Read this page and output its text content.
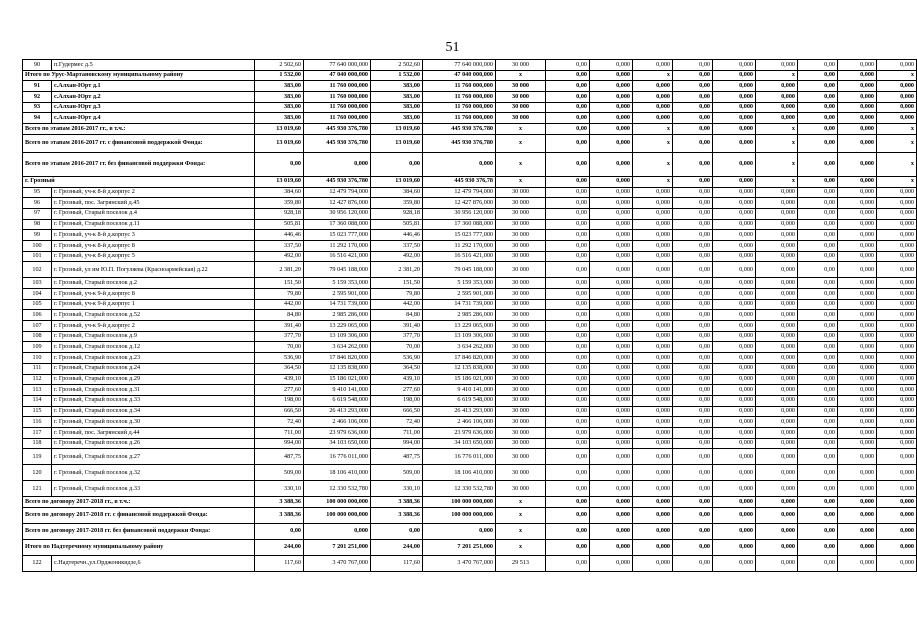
51
90	п.Гудермес д.5	2 502,60	77 640 000,000	2 502,60	77 640 000,000	30 000	0,00	0,000	0,000	0,00	0,000	0,000	0,00	0,000	0,000
Итого по Урус-Мартановскому муниципальному району		1 532,00	47 040 000,000	1 532,00	47 040 000,000	х	0,00	0,000	х	0,00	0,000	х	0,00	0,000	х
91	с.Алхан-Юрт д.1	383,00	11 760 000,000	383,00	11 760 000,000	30 000	0,00	0,000	0,000	0,00	0,000	0,000	0,00	0,000	0,000
92	с.Алхан-Юрт д.2	383,00	11 760 000,000	383,00	11 760 000,000	30 000	0,00	0,000	0,000	0,00	0,000	0,000	0,00	0,000	0,000
93	с.Алхан-Юрт д.3	383,00	11 760 000,000	383,00	11 760 000,000	30 000	0,00	0,000	0,000	0,00	0,000	0,000	0,00	0,000	0,000
94	с.Алхан-Юрт д.4	383,00	11 760 000,000	383,00	11 760 000,000	30 000	0,00	0,000	0,000	0,00	0,000	0,000	0,00	0,000	0,000
Всего по этапам 2016-2017 гг., в т.ч.:		13 019,60	445 930 376,780	13 019,60	445 930 376,780	х	0,00	0,000	х	0,00	0,000	х	0,00	0,000	х
Всего по этапам 2016-2017 гг. с финансовой поддержкой Фонда:		13 019,60	445 930 376,780	13 019,60	445 930 376,780	х	0,00	0,000	х	0,00	0,000	х	0,00	0,000	х
Всего по этапам 2016-2017 гг. без финансовой поддержки Фонда:		0,00	0,000	0,00	0,000	х	0,00	0,000	х	0,00	0,000	х	0,00	0,000	х
г. Грозный		13 019,60	445 930 376,780	13 019,60	445 930 376,78	х	0,00	0,000	х	0,00	0,000	х	0,00	0,000	х
95	г. Грозный, уч-к 8-й д.корпус 2	384,60	12 479 794,000	384,60	12 479 794,000	30 000	0,00	0,000	0,000	0,00	0,000	0,000	0,00	0,000	0,000
96	г. Грозный, пос. Загрянский д.45	359,80	12 427 876,000	359,80	12 427 876,000	30 000	0,00	0,000	0,000	0,00	0,000	0,000	0,00	0,000	0,000
97	г. Грозный, Старый поселок д.4	928,18	30 956 120,000	928,18	30 956 120,000	30 000	0,00	0,000	0,000	0,00	0,000	0,000	0,00	0,000	0,000
98	г. Грозный, Старый поселок д.11	505,81	17 360 088,000	505,81	17 360 088,000	30 000	0,00	0,000	0,000	0,00	0,000	0,000	0,00	0,000	0,000
99	г. Грозный, уч-к 8-й д.корпус 3	446,46	15 023 777,000	446,46	15 023 777,000	30 000	0,00	0,000	0,000	0,00	0,000	0,000	0,00	0,000	0,000
100	г. Грозный, уч-к 8-й д.корпус 8	337,50	11 292 170,000	337,50	11 292 170,000	30 000	0,00	0,000	0,000	0,00	0,000	0,000	0,00	0,000	0,000
101	г. Грозный, уч-к 8-й д.корпус 5	492,00	16 516 421,000	492,00	16 516 421,000	30 000	0,00	0,000	0,000	0,00	0,000	0,000	0,00	0,000	0,000
102	г. Грозный, ул им Ю.П. Погуляева (Красноармейская) д.22	2 381,20	79 045 188,000	2 381,20	79 045 188,000	30 000	0,00	0,000	0,000	0,00	0,000	0,000	0,00	0,000	0,000
103	г. Грозный, Старый поселок д.2	151,50	5 159 353,000	151,50	5 159 353,000	30 000	0,00	0,000	0,000	0,00	0,000	0,000	0,00	0,000	0,000
104	г. Грозный, уч-к 9-й д.корпус 8	79,80	2 595 901,000	79,80	2 595 901,000	30 000	0,00	0,000	0,000	0,00	0,000	0,000	0,00	0,000	0,000
105	г. Грозный, уч-к 9-й д.корпус 1	442,00	14 731 739,000	442,00	14 731 739,000	30 000	0,00	0,000	0,000	0,00	0,000	0,000	0,00	0,000	0,000
106	г. Грозный, Старый поселок д.52	84,80	2 985 286,000	84,80	2 985 286,000	30 000	0,00	0,000	0,000	0,00	0,000	0,000	0,00	0,000	0,000
107	г. Грозный, уч-к 9-й д.корпус 2	391,40	13 229 065,000	391,40	13 229 065,000	30 000	0,00	0,000	0,000	0,00	0,000	0,000	0,00	0,000	0,000
108	г. Грозный, Старый поселок д.9	377,70	13 109 306,000	377,70	13 109 306,000	30 000	0,00	0,000	0,000	0,00	0,000	0,000	0,00	0,000	0,000
109	г. Грозный, Старый поселок д.12	70,00	3 634 262,000	70,00	3 634 262,000	30 000	0,00	0,000	0,000	0,00	0,000	0,000	0,00	0,000	0,000
110	г. Грозный, Старый поселок д.23	536,90	17 846 820,000	536,90	17 846 820,000	30 000	0,00	0,000	0,000	0,00	0,000	0,000	0,00	0,000	0,000
111	г. Грозный, Старый поселок д.24	364,50	12 135 838,000	364,50	12 135 838,000	30 000	0,00	0,000	0,000	0,00	0,000	0,000	0,00	0,000	0,000
112	г. Грозный, Старый поселок д.29	439,10	15 186 021,000	439,10	15 186 021,000	30 000	0,00	0,000	0,000	0,00	0,000	0,000	0,00	0,000	0,000
113	г. Грозный, Старый поселок д.31	277,60	9 410 141,000	277,60	9 410 141,000	30 000	0,00	0,000	0,000	0,00	0,000	0,000	0,00	0,000	0,000
114	г. Грозный, Старый поселок д.33	198,00	6 619 548,000	198,00	6 619 548,000	30 000	0,00	0,000	0,000	0,00	0,000	0,000	0,00	0,000	0,000
115	г. Грозный, Старый поселок д.34	666,50	26 413 293,000	666,50	26 413 293,000	30 000	0,00	0,000	0,000	0,00	0,000	0,000	0,00	0,000	0,000
116	г. Грозный, Старый поселок д.30	72,40	2 466 106,000	72,40	2 466 106,000	30 000	0,00	0,000	0,000	0,00	0,000	0,000	0,00	0,000	0,000
117	г. Грозный, пос. Загрянский д.44	711,00	23 979 636,000	711,00	23 979 636,000	30 000	0,00	0,000	0,000	0,00	0,000	0,000	0,00	0,000	0,000
118	г. Грозный, Старый поселок д.26	994,00	34 103 650,000	994,00	34 103 650,000	30 000	0,00	0,000	0,000	0,00	0,000	0,000	0,00	0,000	0,000
119	г. Грозный, Старый поселок д.27	487,75	16 776 011,000	487,75	16 776 011,000	30 000	0,00	0,000	0,000	0,00	0,000	0,000	0,00	0,000	0,000
120	г. Грозный, Старый поселок д.32	509,00	18 106 410,000	509,00	18 106 410,000	30 000	0,00	0,000	0,000	0,00	0,000	0,000	0,00	0,000	0,000
121	г. Грозный, Старый поселок д.33	330,10	12 330 532,780	330,10	12 330 532,780	30 000	0,00	0,000	0,000	0,00	0,000	0,000	0,00	0,000	0,000
Всего по договору 2017-2018 гг., в т.ч.:		3 388,36	100 000 000,000	3 388,36	100 000 000,000	х	0,00	0,000	0,000	0,00	0,000	0,000	0,00	0,000	0,000
Всего по договору 2017-2018 гг. с финансовой поддержкой Фонда:		3 388,36	100 000 000,000	3 388,36	100 000 000,000	х	0,00	0,000	0,000	0,00	0,000	0,000	0,00	0,000	0,000
Всего по договору 2017-2018 гг. без финансовой поддержки Фонда:		0,00	0,000	0,00	0,000	х	0,00	0,000	0,000	0,00	0,000	0,000	0,00	0,000	0,000
Итого по Надтеречному муниципальному району		244,00	7 201 251,000	244,00	7 201 251,000	х	0,00	0,000	0,000	0,00	0,000	0,000	0,00	0,000	0,000
122	с.Надтеречн.,ул.Орджоникидзе,6	117,60	3 470 767,000	117,60	3 470 767,000	29 513	0,00	0,000	0,000	0,00	0,000	0,000	0,00	0,000	0,000
